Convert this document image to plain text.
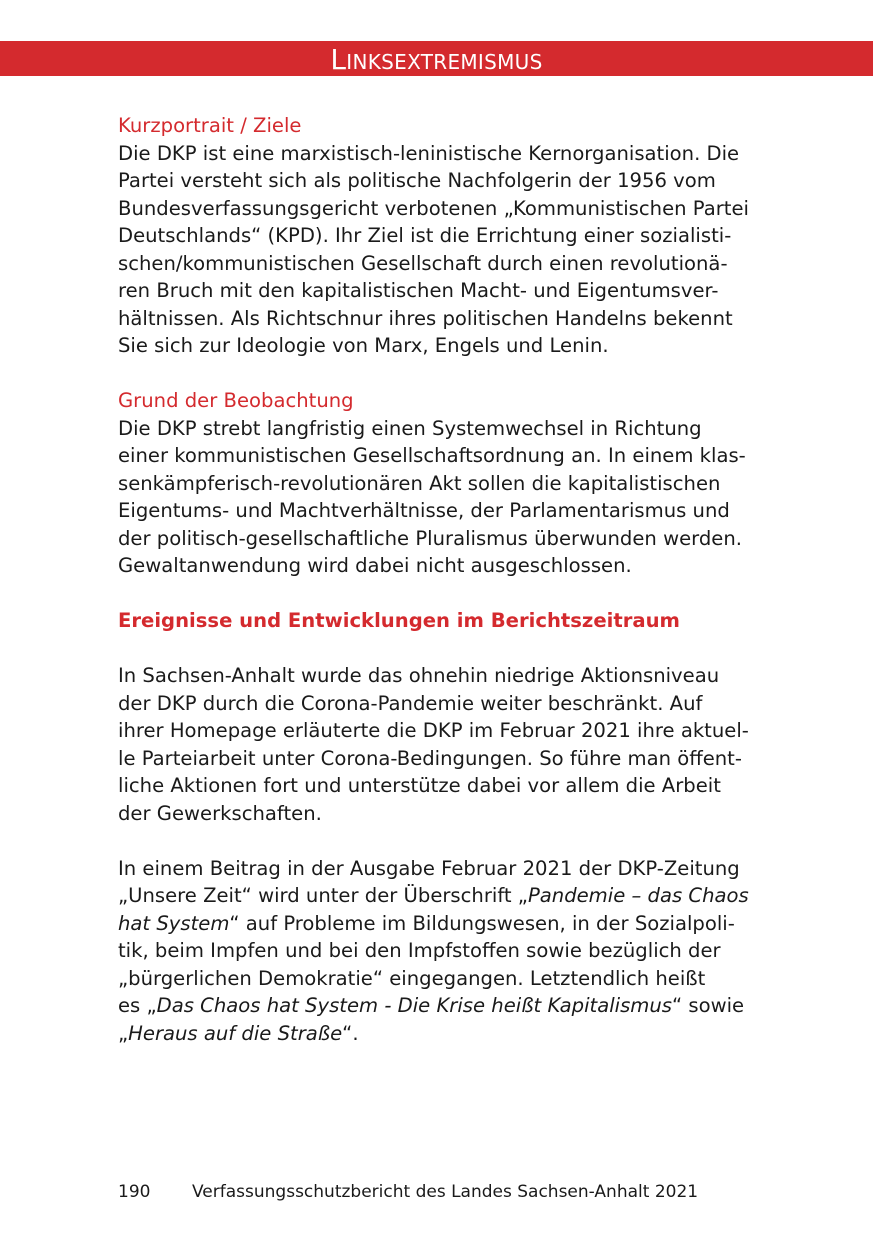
Linksextremismus

Kurzportrait / Ziele

Die DKP ist eine marxistisch-leninistische Kernorganisation. Die
Partei versteht sich als politische Nachfolgerin der 1956 vom
Bundesverfassungsgericht verbotenen „Kommunistischen Partei
Deutschlands“ (KPD). Ihr Ziel ist die Errichtung einer sozialisti-
schen/kommunistischen Gesellschaft durch einen revolutionä-
ren Bruch mit den kapitalistischen Macht- und Eigentumsver-
hältnissen. Als Richtschnur ihres politischen Handelns bekennt
Sie sich zur Ideologie von Marx, Engels und Lenin.

Grund der Beobachtung

Die DKP strebt langfristig einen Systemwechsel in Richtung
einer kommunistischen Gesellschaftsordnung an. In einem klas-
senkämpferisch-revolutionären Akt sollen die kapitalistischen
Eigentums- und Machtverhältnisse, der Parlamentarismus und
der politisch-gesellschaftliche Pluralismus überwunden werden.
Gewaltanwendung wird dabei nicht ausgeschlossen.

Ereignisse und Entwicklungen im Berichtszeitraum

In Sachsen-Anhalt wurde das ohnehin niedrige Aktionsniveau
der DKP durch die Corona-Pandemie weiter beschränkt. Auf
ihrer Homepage erläuterte die DKP im Februar 2021 ihre aktuel-
le Parteiarbeit unter Corona-Bedingungen. So führe man öffent-
liche Aktionen fort und unterstütze dabei vor allem die Arbeit
der Gewerkschaften.

In einem Beitrag in der Ausgabe Februar 2021 der DKP-Zeitung
„Unsere Zeit“ wird unter der Überschrift „Pandemie – das Chaos
hat System“ auf Probleme im Bildungswesen, in der Sozialpoli-
tik, beim Impfen und bei den Impfstoffen sowie bezüglich der
„bürgerlichen Demokratie“ eingegangen. Letztendlich heißt
es „Das Chaos hat System - Die Krise heißt Kapitalismus“ sowie
„Heraus auf die Straße“.

190 Verfassungsschutzbericht des Landes Sachsen-Anhalt 2021
